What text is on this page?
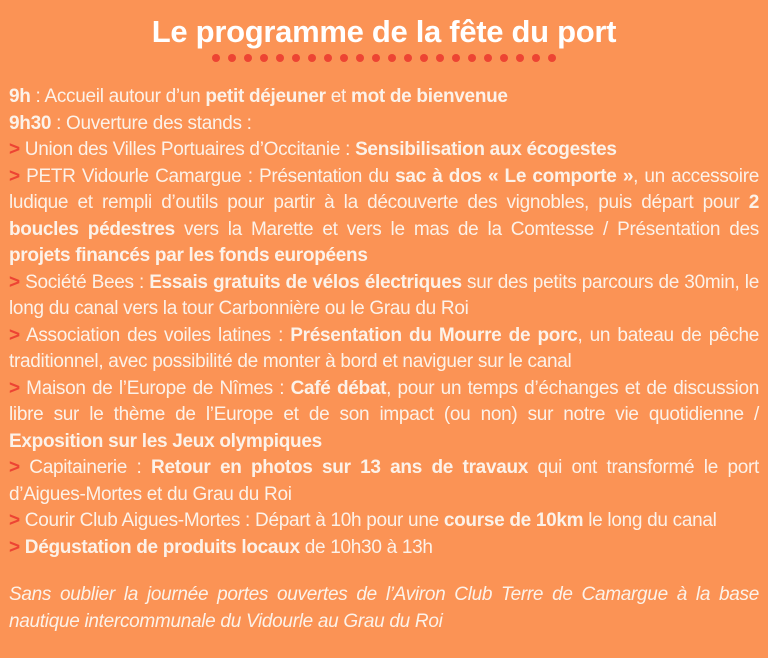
Le programme de la fête du port

9h : Accueil autour d’un petit déjeuner et mot de bienvenue

9h30 : Ouverture des stands :

> Union des Villes Portuaires d’Occitanie : Sensibilisation aux écogestes

> PETR Vidourle Camargue : Présentation du sac à dos « Le comporte », un accessoire ludique et rempli d’outils pour partir à la découverte des vignobles, puis départ pour 2 boucles pédestres vers la Marette et vers le mas de la Comtesse / Présentation des projets financés par les fonds européens

> Société Bees : Essais gratuits de vélos électriques sur des petits parcours de 30min, le long du canal vers la tour Carbonnière ou le Grau du Roi

> Association des voiles latines : Présentation du Mourre de porc, un bateau de pêche traditionnel, avec possibilité de monter à bord et naviguer sur le canal

> Maison de l’Europe de Nîmes : Café débat, pour un temps d’échanges et de discussion libre sur le thème de l’Europe et de son impact (ou non) sur notre vie quotidienne / Exposition sur les Jeux olympiques

> Capitainerie : Retour en photos sur 13 ans de travaux qui ont transformé le port d’Aigues-Mortes et du Grau du Roi

> Courir Club Aigues-Mortes : Départ à 10h pour une course de 10km le long du canal

> Dégustation de produits locaux de 10h30 à 13h

Sans oublier la journée portes ouvertes de l’Aviron Club Terre de Camargue à la base nautique intercommunale du Vidourle au Grau du Roi
